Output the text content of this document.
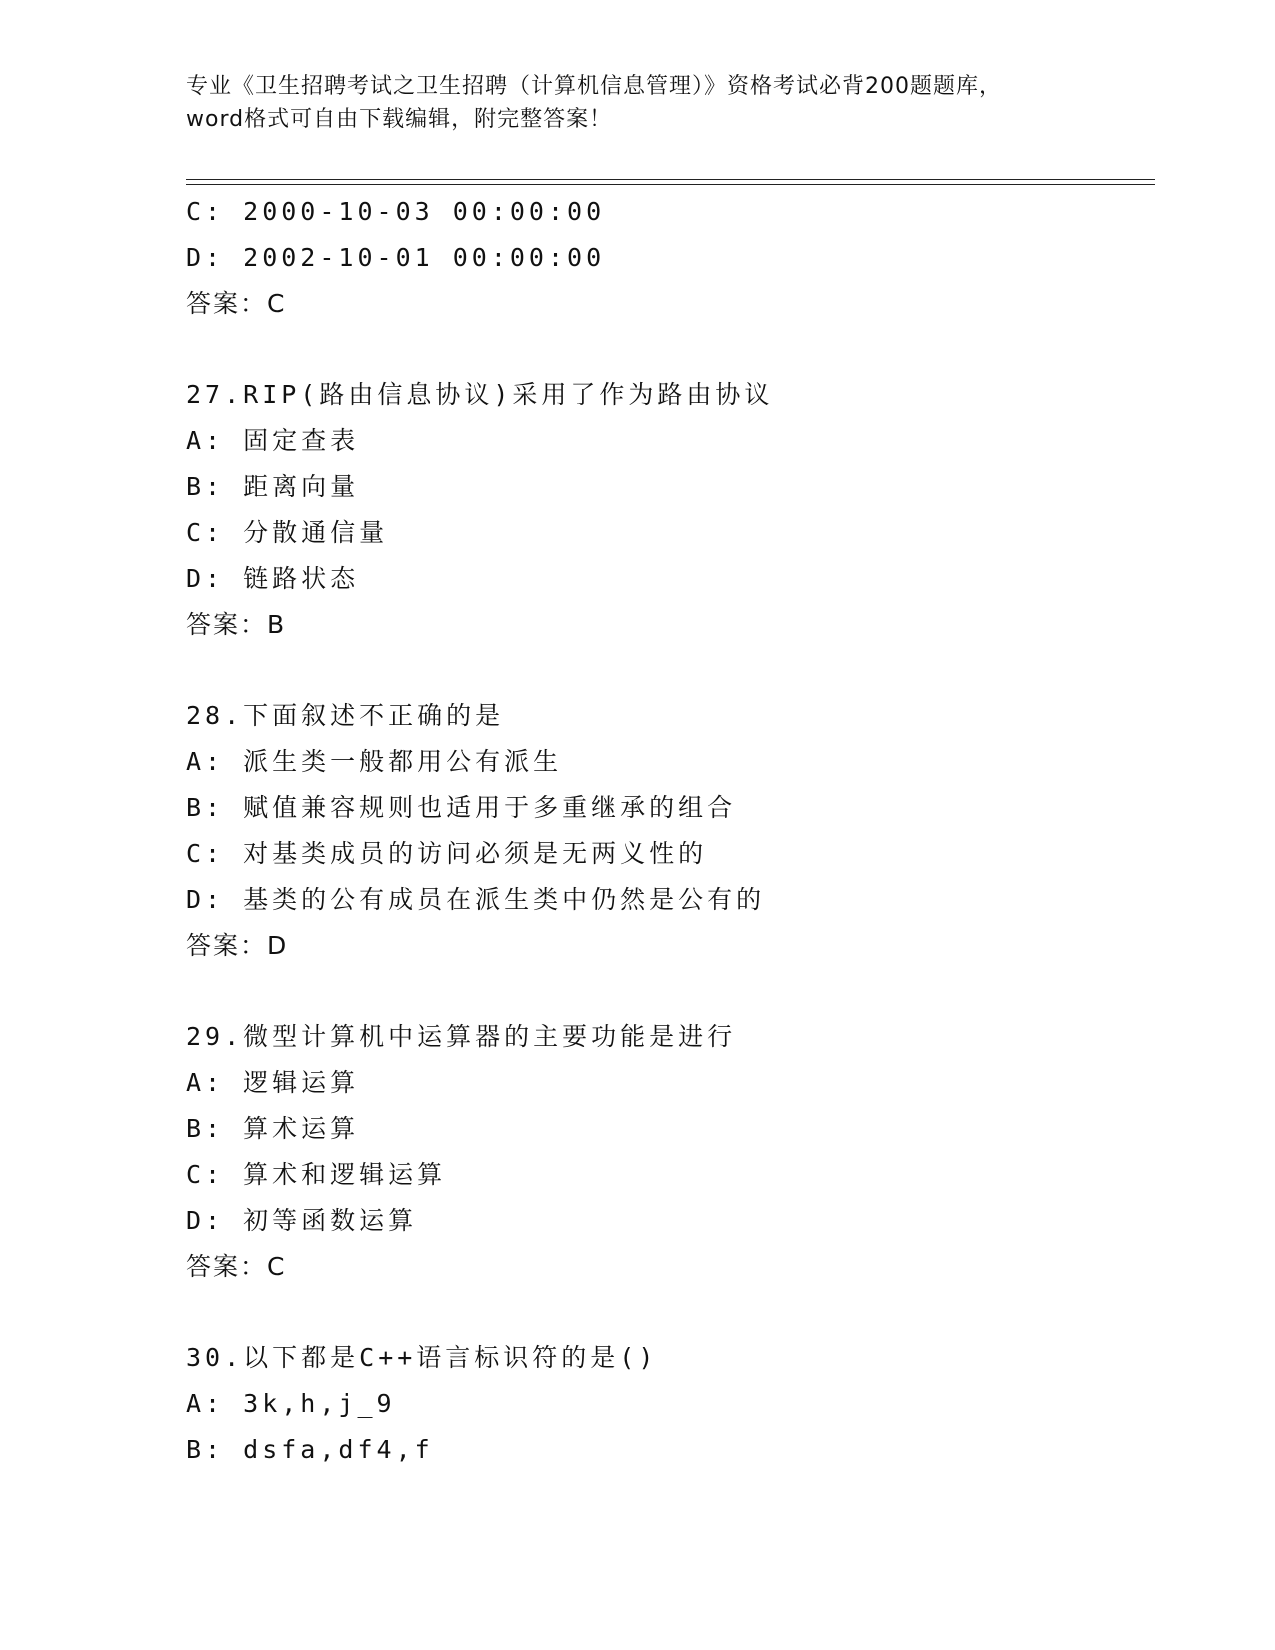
专业《卫生招聘考试之卫生招聘（计算机信息管理）》资格考试必背200题题库，
word格式可自由下载编辑，附完整答案！
C: 2000-10-03 00:00:00
D: 2002-10-01 00:00:00
答案：C
27.RIP(路由信息协议)采用了作为路由协议
A: 固定查表
B: 距离向量
C: 分散通信量
D: 链路状态
答案：B
28.下面叙述不正确的是
A: 派生类一般都用公有派生
B: 赋值兼容规则也适用于多重继承的组合
C: 对基类成员的访问必须是无两义性的
D: 基类的公有成员在派生类中仍然是公有的
答案：D
29.微型计算机中运算器的主要功能是进行
A: 逻辑运算
B: 算术运算
C: 算术和逻辑运算
D: 初等函数运算
答案：C
30.以下都是C++语言标识符的是()
A: 3k,h,j_9
B: dsfa,df4,f
